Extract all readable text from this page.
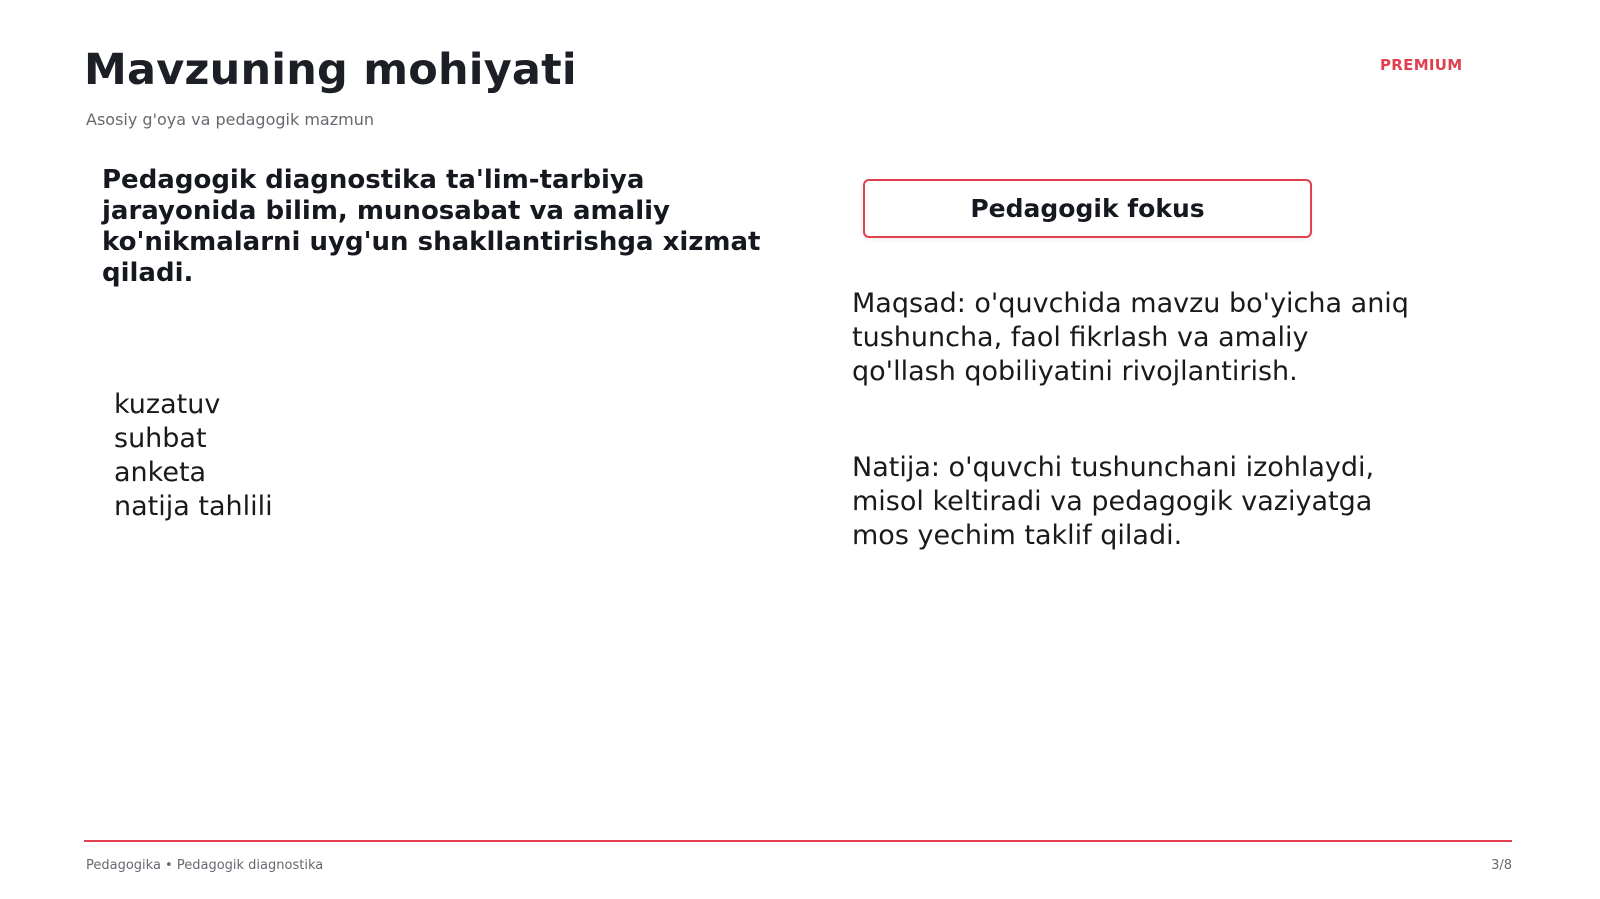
Mavzuning mohiyati
Asosiy g'oya va pedagogik mazmun
PREMIUM

Pedagogik diagnostika ta'lim-tarbiya jarayonida bilim, munosabat va amaliy ko'nikmalarni uyg'un shakllantirishga xizmat qiladi.

kuzatuv
suhbat
anketa
natija tahlili
Pedagogik fokus

Maqsad: o'quvchida mavzu bo'yicha aniq tushuncha, faol fikrlash va amaliy qo'llash qobiliyatini rivojlantirish.

Natija: o'quvchi tushunchani izohlaydi, misol keltiradi va pedagogik vaziyatga mos yechim taklif qiladi.

Pedagogika • Pedagogik diagnostika	3/8
